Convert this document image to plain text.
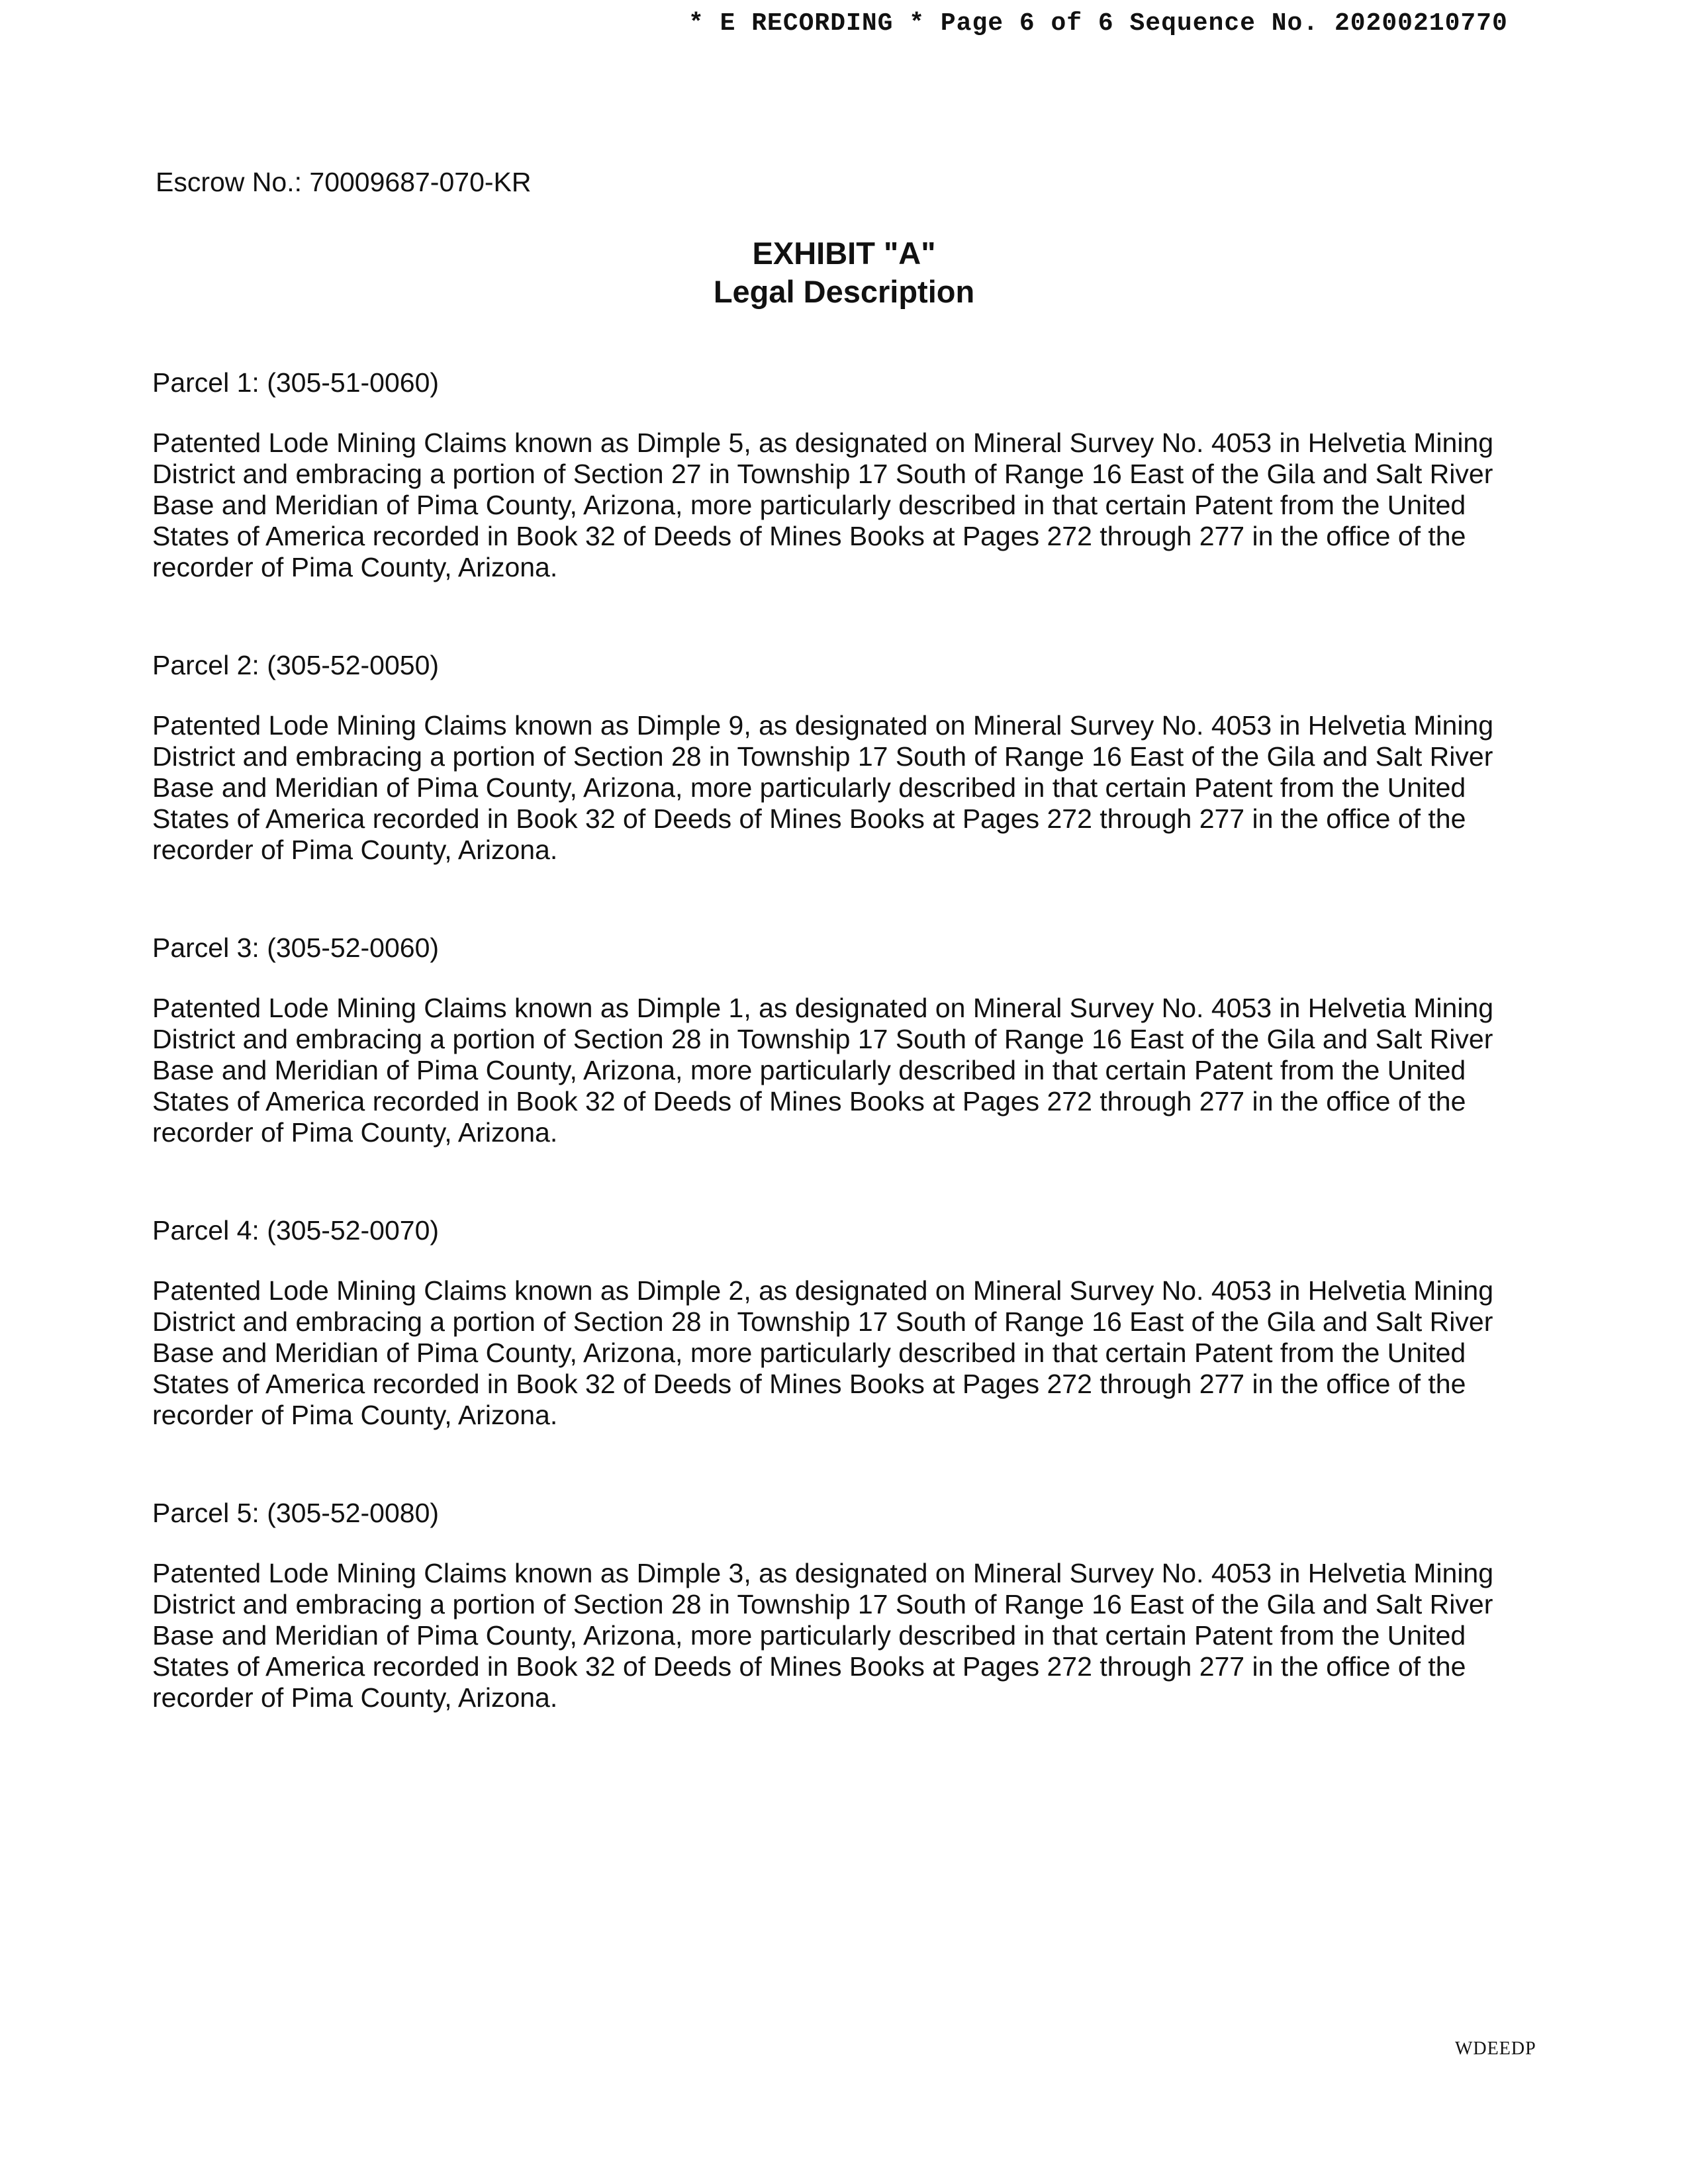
* E RECORDING * Page 6 of 6 Sequence No. 20200210770
Escrow No.: 70009687-070-KR
EXHIBIT "A"
Legal Description
Parcel 1: (305-51-0060)
Patented Lode Mining Claims known as Dimple 5, as designated on Mineral Survey No. 4053 in Helvetia Mining
District and embracing a portion of Section 27 in Township 17 South of Range 16 East of the Gila and Salt River
Base and Meridian of Pima County, Arizona, more particularly described in that certain Patent from the United
States of America recorded in Book 32 of Deeds of Mines Books at Pages 272 through 277 in the office of the
recorder of Pima County, Arizona.
Parcel 2: (305-52-0050)
Patented Lode Mining Claims known as Dimple 9, as designated on Mineral Survey No. 4053 in Helvetia Mining
District and embracing a portion of Section 28 in Township 17 South of Range 16 East of the Gila and Salt River
Base and Meridian of Pima County, Arizona, more particularly described in that certain Patent from the United
States of America recorded in Book 32 of Deeds of Mines Books at Pages 272 through 277 in the office of the
recorder of Pima County, Arizona.
Parcel 3: (305-52-0060)
Patented Lode Mining Claims known as Dimple 1, as designated on Mineral Survey No. 4053 in Helvetia Mining
District and embracing a portion of Section 28 in Township 17 South of Range 16 East of the Gila and Salt River
Base and Meridian of Pima County, Arizona, more particularly described in that certain Patent from the United
States of America recorded in Book 32 of Deeds of Mines Books at Pages 272 through 277 in the office of the
recorder of Pima County, Arizona.
Parcel 4: (305-52-0070)
Patented Lode Mining Claims known as Dimple 2, as designated on Mineral Survey No. 4053 in Helvetia Mining
District and embracing a portion of Section 28 in Township 17 South of Range 16 East of the Gila and Salt River
Base and Meridian of Pima County, Arizona, more particularly described in that certain Patent from the United
States of America recorded in Book 32 of Deeds of Mines Books at Pages 272 through 277 in the office of the
recorder of Pima County, Arizona.
Parcel 5: (305-52-0080)
Patented Lode Mining Claims known as Dimple 3, as designated on Mineral Survey No. 4053 in Helvetia Mining
District and embracing a portion of Section 28 in Township 17 South of Range 16 East of the Gila and Salt River
Base and Meridian of Pima County, Arizona, more particularly described in that certain Patent from the United
States of America recorded in Book 32 of Deeds of Mines Books at Pages 272 through 277 in the office of the
recorder of Pima County, Arizona.
WDEEDP
